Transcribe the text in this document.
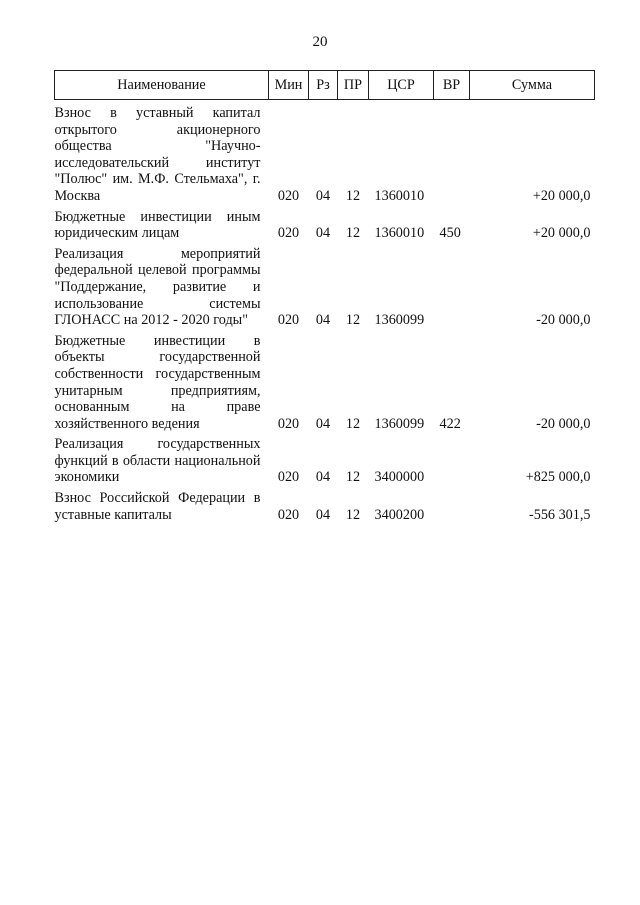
20
Наименование	Мин	Рз	ПР	ЦСР	ВР	Сумма
Взнос в уставный капитал открытого акционерного общества "Научно-исследовательский институт "Полюс" им. М.Ф. Стельмаха", г. Москва	020	04	12	1360010		+20 000,0
Бюджетные инвестиции иным юридическим лицам	020	04	12	1360010	450	+20 000,0
Реализация мероприятий федеральной целевой программы "Поддержание, развитие и использование системы ГЛОНАСС на 2012 - 2020 годы"	020	04	12	1360099		-20 000,0
Бюджетные инвестиции в объекты государственной собственности государственным унитарным предприятиям, основанным на праве хозяйственного ведения	020	04	12	1360099	422	-20 000,0
Реализация государственных функций в области национальной экономики	020	04	12	3400000		+825 000,0
Взнос Российской Федерации в уставные капиталы	020	04	12	3400200		-556 301,5
